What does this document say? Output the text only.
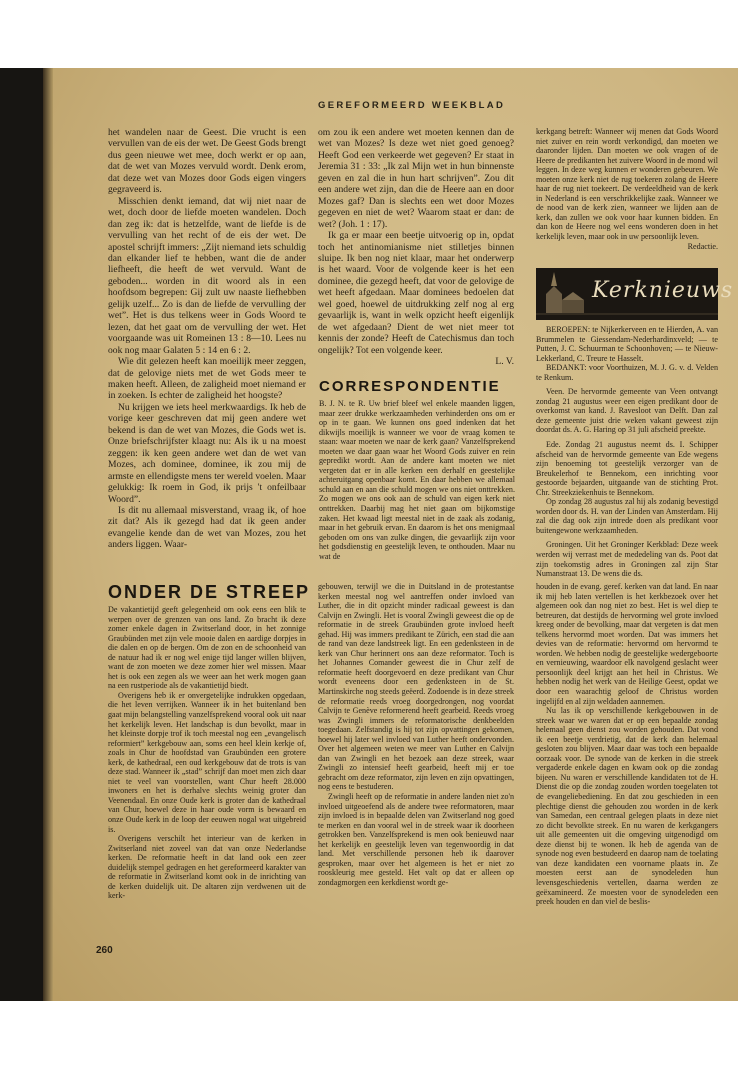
GEREFORMEERD WEEKBLAD

het wandelen naar de Geest. Die vrucht is een vervullen van de eis der wet. De Geest Gods brengt dus geen nieuwe wet mee, doch werkt er op aan, dat de wet van Mozes vervuld wordt. Denk erom, dat deze wet van Mozes door Gods eigen vingers gegraveerd is.

Misschien denkt iemand, dat wij niet naar de wet, doch door de liefde moeten wandelen. Doch dan zeg ik: dat is hetzelfde, want de liefde is de vervulling van het recht of de eis der wet. De apostel schrijft immers: „Zijt niemand iets schuldig dan elkander lief te hebben, want die de ander liefheeft, die heeft de wet vervuld. Want de geboden... worden in dit woord als in een hoofdsom begrepen: Gij zult uw naaste liefhebben gelijk uzelf... Zo is dan de liefde de vervulling der wet”. Het is dus telkens weer in Gods Woord te lezen, dat het gaat om de vervulling der wet. Het voorgaande was uit Romeinen 13 : 8—10. Lees nu ook nog maar Galaten 5 : 14 en 6 : 2.

Wie dit gelezen heeft kan moeilijk meer zeggen, dat de gelovige niets met de wet Gods meer te maken heeft. Alleen, de zaligheid moet niemand er in zoeken. Is echter de zaligheid het hoogste?

Nu krijgen we iets heel merkwaardigs. Ik heb de vorige keer geschreven dat mij geen andere wet bekend is dan de wet van Mozes, die Gods wet is. Onze briefschrijfster klaagt nu: Als ik u na moest zeggen: ik ken geen andere wet dan de wet van Mozes, ach dominee, dominee, ik zou mij de armste en ellendigste mens ter wereld voelen. Maar gelukkig: Ik roem in God, ik prijs 't onfeilbaar Woord”.

Is dit nu allemaal misverstand, vraag ik, of hoe zit dat? Als ik gezegd had dat ik geen ander evangelie kende dan de wet van Mozes, zou het anders liggen. Waar-

om zou ik een andere wet moeten kennen dan de wet van Mozes? Is deze wet niet goed genoeg? Heeft God een verkeerde wet gegeven? Er staat in Jeremia 31 : 33: „Ik zal Mijn wet in hun binnenste geven en zal die in hun hart schrijven”. Zou dit een andere wet zijn, dan die de Heere aan en door Mozes gaf? Dan is slechts een wet door Mozes gegeven en niet de wet? Waarom staat er dan: de wet? (Joh. 1 : 17).

Ik ga er maar een beetje uitvoerig op in, opdat toch het antinomianisme niet stilletjes binnen sluipe. Ik ben nog niet klaar, maar het onderwerp is het waard. Voor de volgende keer is het een dominee, die gezegd heeft, dat voor de gelovige de wet heeft afgedaan. Maar dominees bedoelen dat wel goed, hoewel de uitdrukking zelf nog al erg gevaarlijk is, want in welk opzicht heeft eigenlijk de wet afgedaan? Dient de wet niet meer tot kennis der zonde? Heeft de Catechismus dan toch ongelijk? Tot een volgende keer.

L. V.
CORRESPONDENTIE

B. J. N. te R. Uw brief bleef wel enkele maanden liggen, maar zeer drukke werkzaamheden verhinderden ons om er op in te gaan. We kunnen ons goed indenken dat het dikwijls moeilijk is wanneer we voor de vraag komen te staan: waar moeten we naar de kerk gaan? Vanzelfsprekend moeten we daar gaan waar het Woord Gods zuiver en rein gepredikt wordt. Aan de andere kant moeten we niet vergeten dat er in alle kerken een derhalf en geestelijke achteruitgang openbaar komt. En daar hebben we allemaal schuld aan en aan die schuld mogen we ons niet onttrekken. Zo mogen we ons ook aan de schuld van eigen kerk niet onttrekken. Daarbij mag het niet gaan om bijkomstige zaken. Het kwaad ligt meestal niet in de zaak als zodanig, maar in het gebruik ervan. En daarom is het ons menigmaal geboden om ons van zulke dingen, die gevaarlijk zijn voor het godsdienstig en geestelijk leven, te onthouden. Maar nu wat de

kerkgang betreft: Wanneer wij menen dat Gods Woord niet zuiver en rein wordt verkondigd, dan moeten we daaronder lijden. Dan moeten we ook vragen of de Heere de predikanten het zuivere Woord in de mond wil leggen. In deze weg kunnen er wonderen gebeuren. We moeten onze kerk niet de rug toekeren zolang de Heere haar de rug niet toekeert. De verdeeldheid van de kerk in Nederland is een verschrikkelijke zaak. Wanneer we de nood van de kerk zien, wanneer we lijden aan de kerk, dan zullen we ook voor haar kunnen bidden. En dan kon de Heere nog wel eens wonderen doen in het kerkelijk leven, maar ook in uw persoonlijk leven.

Redactie.
Kerknieuws

BEROEPEN: te Nijkerkerveen en te Hierden, A. van Brummelen te Giessendam-Nederhardinxveld; — te Putten, J. C. Schuurman te Schoonhoven; — te Nieuw-Lekkerland, C. Treure te Hasselt.

BEDANKT: voor Voorthuizen, M. J. G. v. d. Velden te Renkum.

Veen. De hervormde gemeente van Veen ontvangt zondag 21 augustus weer een eigen predikant door de overkomst van kand. J. Ravesloot van Delft. Dan zal deze gemeente juist drie weken vakant geweest zijn doordat ds. A. G. Haring op 31 juli afscheid preekte.

Ede. Zondag 21 augustus neemt ds. I. Schipper afscheid van de hervormde gemeente van Ede wegens zijn benoeming tot geestelijk verzorger van de Breukelerhof te Bennekom, een inrichting voor gestoorde bejaarden, uitgaande van de stichting Prot. Chr. Streekziekenhuis te Bennekom.

Op zondag 28 augustus zal hij als zodanig bevestigd worden door ds. H. van der Linden van Amsterdam. Hij zal die dag ook zijn intrede doen als predikant voor buitengewone werkzaamheden.

Groningen. Uit het Groninger Kerkblad: Deze week werden wij verrast met de mededeling van ds. Poot dat zijn toekomstig adres in Groningen zal zijn Star Numanstraat 13. De wens die ds.

ONDER DE STREEP

De vakantietijd geeft gelegenheid om ook eens een blik te werpen over de grenzen van ons land. Zo bracht ik deze zomer enkele dagen in Zwitserland door, in het zonnige Graubünden met zijn vele mooie dalen en aardige dorpjes in die dalen en op de bergen. Om de zon en de schoonheid van de natuur had ik er nog wel enige tijd langer willen blijven, want de zon moeten we deze zomer hier wel missen. Maar het is ook een zegen als we weer aan het werk mogen gaan na een rustperiode als de vakantietijd biedt.

Overigens heb ik er onvergetelijke indrukken opgedaan, die het leven verrijken. Wanneer ik in het buitenland ben gaat mijn belangstelling vanzelfsprekend vooral ook uit naar het kerkelijk leven. Het landschap is dun bevolkt, maar in het kleinste dorpje trof ik toch meestal nog een „evangelisch reformiert” kerkgebouw aan, soms een heel klein kerkje of, zoals in Chur de hoofdstad van Graubünden een grotere kerk, de kathedraal, een oud kerkgebouw dat de trots is van deze stad. Wanneer ik „stad” schrijf dan moet men zich daar niet te veel van voorstellen, want Chur heeft 28.000 inwoners en het is derhalve slechts weinig groter dan Veenendaal. En onze Oude kerk is groter dan de kathedraal van Chur, hoewel deze in haar oude vorm is bewaard en onze Oude kerk in de loop der eeuwen nogal wat uitgebreid is.

Overigens verschilt het interieur van de kerken in Zwitserland niet zoveel van dat van onze Nederlandse kerken. De reformatie heeft in dat land ook een zeer duidelijk stempel gedragen en het gereformeerd karakter van de reformatie in Zwitserland komt ook in de inrichting van de kerken duidelijk uit. De altaren zijn verdwenen uit de kerk-

gebouwen, terwijl we die in Duitsland in de protestantse kerken meestal nog wel aantreffen onder invloed van Luther, die in dit opzicht minder radicaal geweest is dan Calvijn en Zwingli. Het is vooral Zwingli geweest die op de reformatie in de streek Graubünden grote invloed heeft gehad. Hij was immers predikant te Zürich, een stad die aan de rand van deze landstreek ligt. En een gedenksteen in de kerk van Chur herinnert ons aan deze reformator. Toch is het Johannes Comander geweest die in Chur zelf de reformatie heeft doorgevoerd en deze predikant van Chur wordt eveneens door een gedenksteen in de St. Martinskirche nog steeds geëerd. Zodoende is in deze streek de reformatie reeds vroeg doorgedrongen, nog voordat Calvijn te Genève reformerend heeft gearbeid. Reeds vroeg was Zwingli immers de reformatorische denkbeelden toegedaan. Zelfstandig is hij tot zijn opvattingen gekomen, hoewel hij later wel invloed van Luther heeft ondervonden. Over het algemeen weten we meer van Luther en Calvijn dan van Zwingli en het bezoek aan deze streek, waar Zwingli zo intensief heeft gearbeid, heeft mij er toe gebracht om deze reformator, zijn leven en zijn opvattingen, nog eens te bestuderen.

Zwingli heeft op de reformatie in andere landen niet zo'n invloed uitgeoefend als de andere twee reformatoren, maar zijn invloed is in bepaalde delen van Zwitserland nog goed te merken en dan vooral wel in de streek waar ik doorheen getrokken ben. Vanzelfsprekend is men ook benieuwd naar het kerkelijk en geestelijk leven van tegenwoordig in dat land. Met verschillende personen heb ik daarover gesproken, maar over het algemeen is het er niet zo rooskleurig mee gesteld. Het valt op dat er alleen op zondagmorgen een kerkdienst wordt ge-

houden in de evang. geref. kerken van dat land. En naar ik mij heb laten vertellen is het kerkbezoek over het algemeen ook dan nog niet zo best. Het is wel diep te betreuren, dat destijds de hervorming wel grote invloed kreeg onder de bevolking, maar dat vergeten is dat men telkens hervormd moet worden. Dat was immers het devies van de reformatie: hervormd om hervormd te worden. We hebben nodig de geestelijke wedergeboorte en vernieuwing, waardoor elk navolgend geslacht weer persoonlijk deel krijgt aan het heil in Christus. We hebben nodig het werk van de Heilige Geest, opdat we door een waarachtig geloof de Christus worden ingelijfd en al zijn weldaden aannemen.

Nu las ik op verschillende kerkgebouwen in de streek waar we waren dat er op een bepaalde zondag helemaal geen dienst zou worden gehouden. Dat vond ik een beetje verdrietig, dat de kerk dan helemaal gesloten zou blijven. Maar daar was toch een bepaalde oorzaak voor. De synode van de kerken in die streek vergaderde enkele dagen en kwam ook op die zondag bijeen. Nu waren er verschillende kandidaten tot de H. Dienst die op die zondag zouden worden toegelaten tot de evangeliebediening. En dat zou geschieden in een plechtige dienst die gehouden zou worden in de kerk van Samedan, een centraal gelegen plaats in deze niet zo dicht bevolkte streek. En nu waren de kerkgangers uit alle gemeenten uit die omgeving uitgenodigd om deze dienst bij te wonen. Ik heb de agenda van de synode nog even bestudeerd en daarop nam de toelating van deze kandidaten een voorname plaats in. Ze moesten eerst aan de synodeleden hun levensgeschiedenis vertellen, daarna werden ze geëxamineerd. Ze moesten voor de synodeleden een preek houden en dan viel de beslis-

260
